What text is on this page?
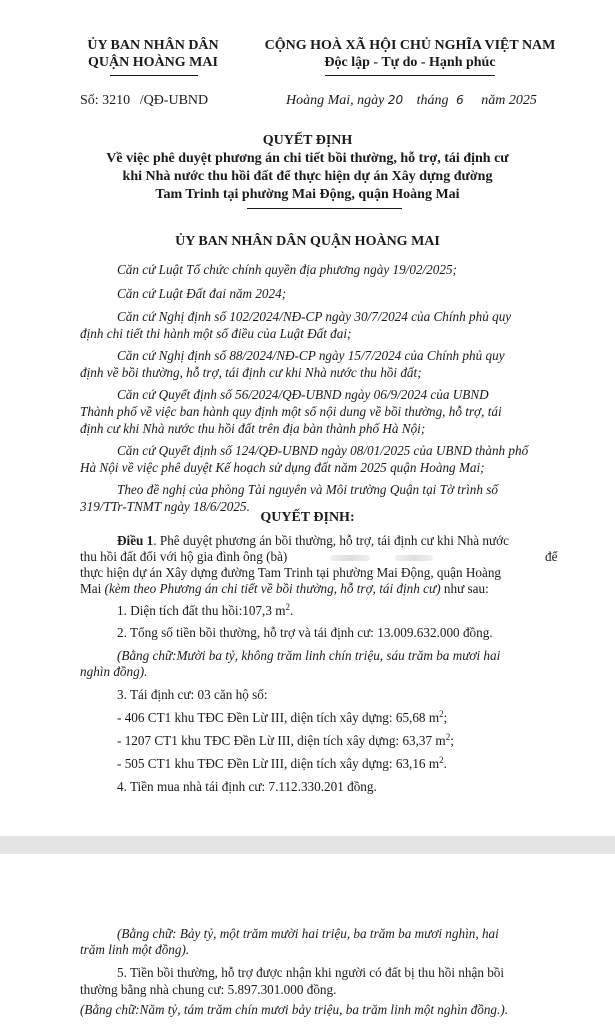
ỦY BAN NHÂN DÂN
QUẬN HOÀNG MAI
CỘNG HOÀ XÃ HỘI CHỦ NGHĨA VIỆT NAM
Độc lập - Tự do - Hạnh phúc
Số: 3210 /QĐ-UBND	Hoàng Mai, ngày 20 tháng 6 năm 2025
QUYẾT ĐỊNH
Về việc phê duyệt phương án chi tiết bồi thường, hỗ trợ, tái định cư
khi Nhà nước thu hồi đất để thực hiện dự án Xây dựng đường
Tam Trinh tại phường Mai Động, quận Hoàng Mai
ỦY BAN NHÂN DÂN QUẬN HOÀNG MAI
Căn cứ Luật Tổ chức chính quyền địa phương ngày 19/02/2025;
Căn cứ Luật Đất đai năm 2024;
Căn cứ Nghị định số 102/2024/NĐ-CP ngày 30/7/2024 của Chính phủ quy
định chi tiết thi hành một số điều của Luật Đất đai;
Căn cứ Nghị định số 88/2024/NĐ-CP ngày 15/7/2024 của Chính phủ quy
định về bồi thường, hỗ trợ, tái định cư khi Nhà nước thu hồi đất;
Căn cứ Quyết định số 56/2024/QĐ-UBND ngày 06/9/2024 của UBND
Thành phố về việc ban hành quy định một số nội dung về bồi thường, hỗ trợ, tái
định cư khi Nhà nước thu hồi đất trên địa bàn thành phố Hà Nội;
Căn cứ Quyết định số 124/QĐ-UBND ngày 08/01/2025 của UBND thành phố
Hà Nội về việc phê duyệt Kế hoạch sử dụng đất năm 2025 quận Hoàng Mai;
Theo đề nghị của phòng Tài nguyên và Môi trường Quận tại Tờ trình số
319/TTr-TNMT ngày 18/6/2025.
QUYẾT ĐỊNH:
Điều 1. Phê duyệt phương án bồi thường, hỗ trợ, tái định cư khi Nhà nước
thu hồi đất đối với hộ gia đình ông (bà)	để
thực hiện dự án Xây dựng đường Tam Trinh tại phường Mai Động, quận Hoàng
Mai (kèm theo Phương án chi tiết về bồi thường, hỗ trợ, tái định cư) như sau:
1. Diện tích đất thu hồi:107,3 $m^2$.
2. Tổng số tiền bồi thường, hỗ trợ và tái định cư: 13.009.632.000 đồng.
(Bằng chữ:Mười ba tỷ, không trăm linh chín triệu, sáu trăm ba mươi hai
nghìn đồng).
3. Tái định cư: 03 căn hộ số:
- 406 CT1 khu TĐC Đền Lừ III, diện tích xây dựng: 65,68 $m^2$;
- 1207 CT1 khu TĐC Đền Lừ III, diện tích xây dựng: 63,37 $m^2$;
- 505 CT1 khu TĐC Đền Lừ III, diện tích xây dựng: 63,16 $m^2$.
4. Tiền mua nhà tái định cư: 7.112.330.201 đồng.
(Bằng chữ: Bảy tỷ, một trăm mười hai triệu, ba trăm ba mươi nghìn, hai
trăm linh một đồng).
5. Tiền bồi thường, hỗ trợ được nhận khi người có đất bị thu hồi nhận bồi
thường bằng nhà chung cư: 5.897.301.000 đồng.
(Bằng chữ:Năm tỷ, tám trăm chín mươi bảy triệu, ba trăm linh một nghìn đồng.).
